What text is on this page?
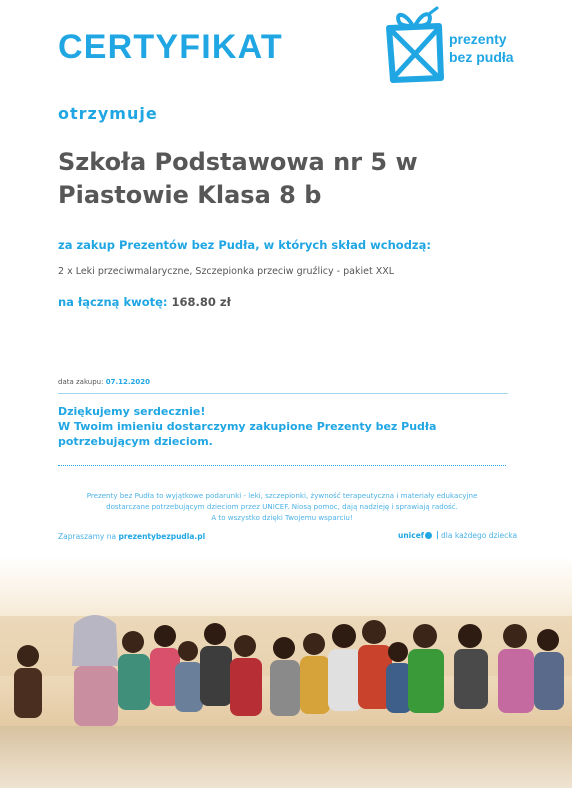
CERTYFIKAT	prezenty
bez pudła
otrzymuje
Szkoła Podstawowa nr 5 w Piastowie Klasa 8 b
za zakup Prezentów bez Pudła, w których skład wchodzą:
2 x Leki przeciwmalaryczne, Szczepionka przeciw gruźlicy - pakiet XXL
na łączną kwotę: 168.80 zł
data zakupu: 07.12.2020
Dziękujemy serdecznie!
W Twoim imieniu dostarczymy zakupione Prezenty bez Pudła
potrzebującym dzieciom.
Prezenty bez Pudła to wyjątkowe podarunki - leki, szczepionki, żywność terapeutyczna i materiały edukacyjne
dostarczane potrzebującym dzieciom przez UNICEF. Niosą pomoc, dają nadzieję i sprawiają radość.
A to wszystko dzięki Twojemu wsparciu!
Zapraszamy na prezentybezpudla.pl	unicef dla każdego dziecka
